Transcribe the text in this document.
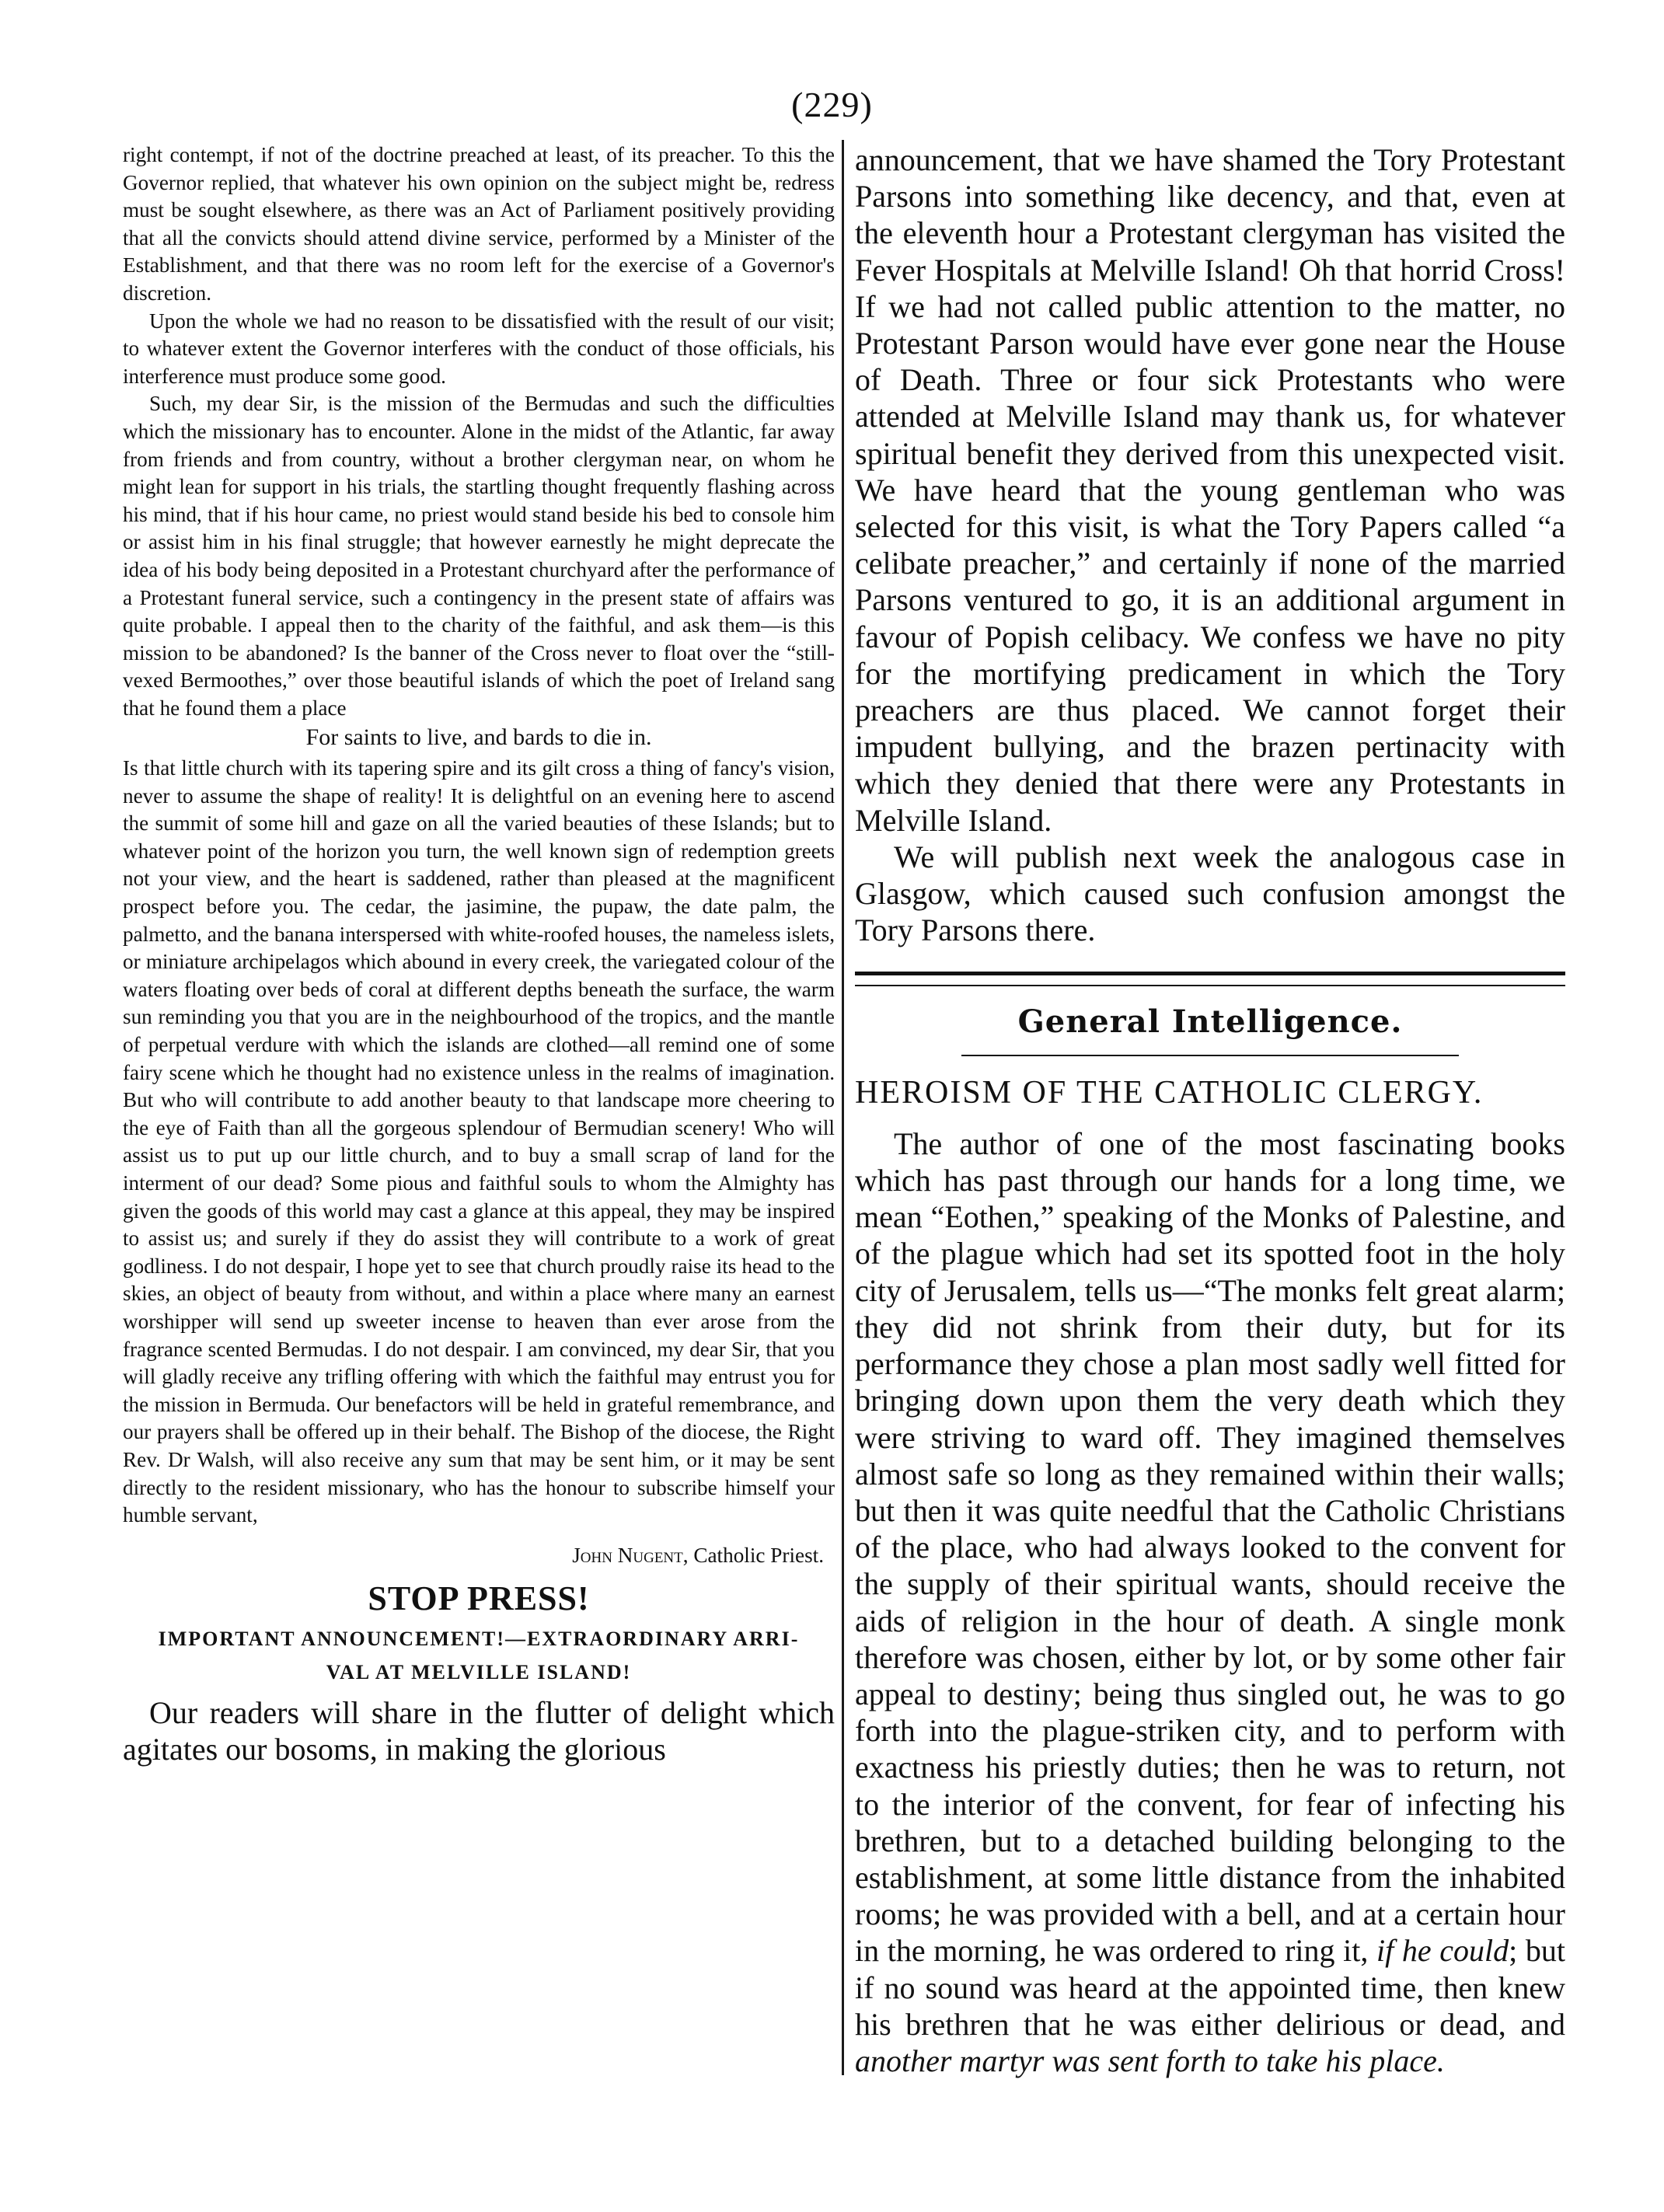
(229)

right contempt, if not of the doctrine preached at least, of its preacher. To this the Governor replied, that whatever his own opinion on the subject might be, redress must be sought elsewhere, as there was an Act of Parliament positively providing that all the convicts should attend divine service, performed by a Minister of the Establishment, and that there was no room left for the exercise of a Governor's discretion.

Upon the whole we had no reason to be dissatisfied with the result of our visit; to whatever extent the Governor interferes with the conduct of those officials, his interference must produce some good.

Such, my dear Sir, is the mission of the Bermudas and such the difficulties which the missionary has to encounter. Alone in the midst of the Atlantic, far away from friends and from country, without a brother clergyman near, on whom he might lean for support in his trials, the startling thought frequently flashing across his mind, that if his hour came, no priest would stand beside his bed to console him or assist him in his final struggle; that however earnestly he might deprecate the idea of his body being deposited in a Protestant churchyard after the performance of a Protestant funeral service, such a contingency in the present state of affairs was quite probable. I appeal then to the charity of the faithful, and ask them—is this mission to be abandoned? Is the banner of the Cross never to float over the “still-vexed Bermoothes,” over those beautiful islands of which the poet of Ireland sang that he found them a place

For saints to live, and bards to die in.

Is that little church with its tapering spire and its gilt cross a thing of fancy's vision, never to assume the shape of reality! It is delightful on an evening here to ascend the summit of some hill and gaze on all the varied beauties of these Islands; but to whatever point of the horizon you turn, the well known sign of redemption greets not your view, and the heart is saddened, rather than pleased at the magnificent prospect before you. The cedar, the jasimine, the pupaw, the date palm, the palmetto, and the banana interspersed with white-roofed houses, the nameless islets, or miniature archipelagos which abound in every creek, the variegated colour of the waters floating over beds of coral at different depths beneath the surface, the warm sun reminding you that you are in the neighbourhood of the tropics, and the mantle of perpetual verdure with which the islands are clothed—all remind one of some fairy scene which he thought had no existence unless in the realms of imagination. But who will contribute to add another beauty to that landscape more cheering to the eye of Faith than all the gorgeous splendour of Bermudian scenery! Who will assist us to put up our little church, and to buy a small scrap of land for the interment of our dead? Some pious and faithful souls to whom the Almighty has given the goods of this world may cast a glance at this appeal, they may be inspired to assist us; and surely if they do assist they will contribute to a work of great godliness. I do not despair, I hope yet to see that church proudly raise its head to the skies, an object of beauty from without, and within a place where many an earnest worshipper will send up sweeter incense to heaven than ever arose from the fragrance scented Bermudas. I do not despair. I am convinced, my dear Sir, that you will gladly receive any trifling offering with which the faithful may entrust you for the mission in Bermuda. Our benefactors will be held in grateful remembrance, and our prayers shall be offered up in their behalf. The Bishop of the diocese, the Right Rev. Dr Walsh, will also receive any sum that may be sent him, or it may be sent directly to the resident missionary, who has the honour to subscribe himself your humble servant,

John Nugent, Catholic Priest.

STOP PRESS!
IMPORTANT ANNOUNCEMENT!—EXTRAORDINARY ARRI-
VAL AT MELVILLE ISLAND!

Our readers will share in the flutter of delight which agitates our bosoms, in making the glorious

announcement, that we have shamed the Tory Protestant Parsons into something like decency, and that, even at the eleventh hour a Protestant clergyman has visited the Fever Hospitals at Melville Island! Oh that horrid Cross! If we had not called public attention to the matter, no Protestant Parson would have ever gone near the House of Death. Three or four sick Protestants who were attended at Melville Island may thank us, for whatever spiritual benefit they derived from this unexpected visit. We have heard that the young gentleman who was selected for this visit, is what the Tory Papers called “a celibate preacher,” and certainly if none of the married Parsons ventured to go, it is an additional argument in favour of Popish celibacy. We confess we have no pity for the mortifying predicament in which the Tory preachers are thus placed. We cannot forget their impudent bullying, and the brazen pertinacity with which they denied that there were any Protestants in Melville Island.

We will publish next week the analogous case in Glasgow, which caused such confusion amongst the Tory Parsons there.

General Intelligence.
HEROISM OF THE CATHOLIC CLERGY.

The author of one of the most fascinating books which has past through our hands for a long time, we mean “Eothen,” speaking of the Monks of Palestine, and of the plague which had set its spotted foot in the holy city of Jerusalem, tells us—“The monks felt great alarm; they did not shrink from their duty, but for its performance they chose a plan most sadly well fitted for bringing down upon them the very death which they were striving to ward off. They imagined themselves almost safe so long as they remained within their walls; but then it was quite needful that the Catholic Christians of the place, who had always looked to the convent for the supply of their spiritual wants, should receive the aids of religion in the hour of death. A single monk therefore was chosen, either by lot, or by some other fair appeal to destiny; being thus singled out, he was to go forth into the plague-striken city, and to perform with exactness his priestly duties; then he was to return, not to the interior of the convent, for fear of infecting his brethren, but to a detached building belonging to the establishment, at some little distance from the inhabited rooms; he was provided with a bell, and at a certain hour in the morning, he was ordered to ring it, if he could; but if no sound was heard at the appointed time, then knew his brethren that he was either delirious or dead, and another martyr was sent forth to take his place.
